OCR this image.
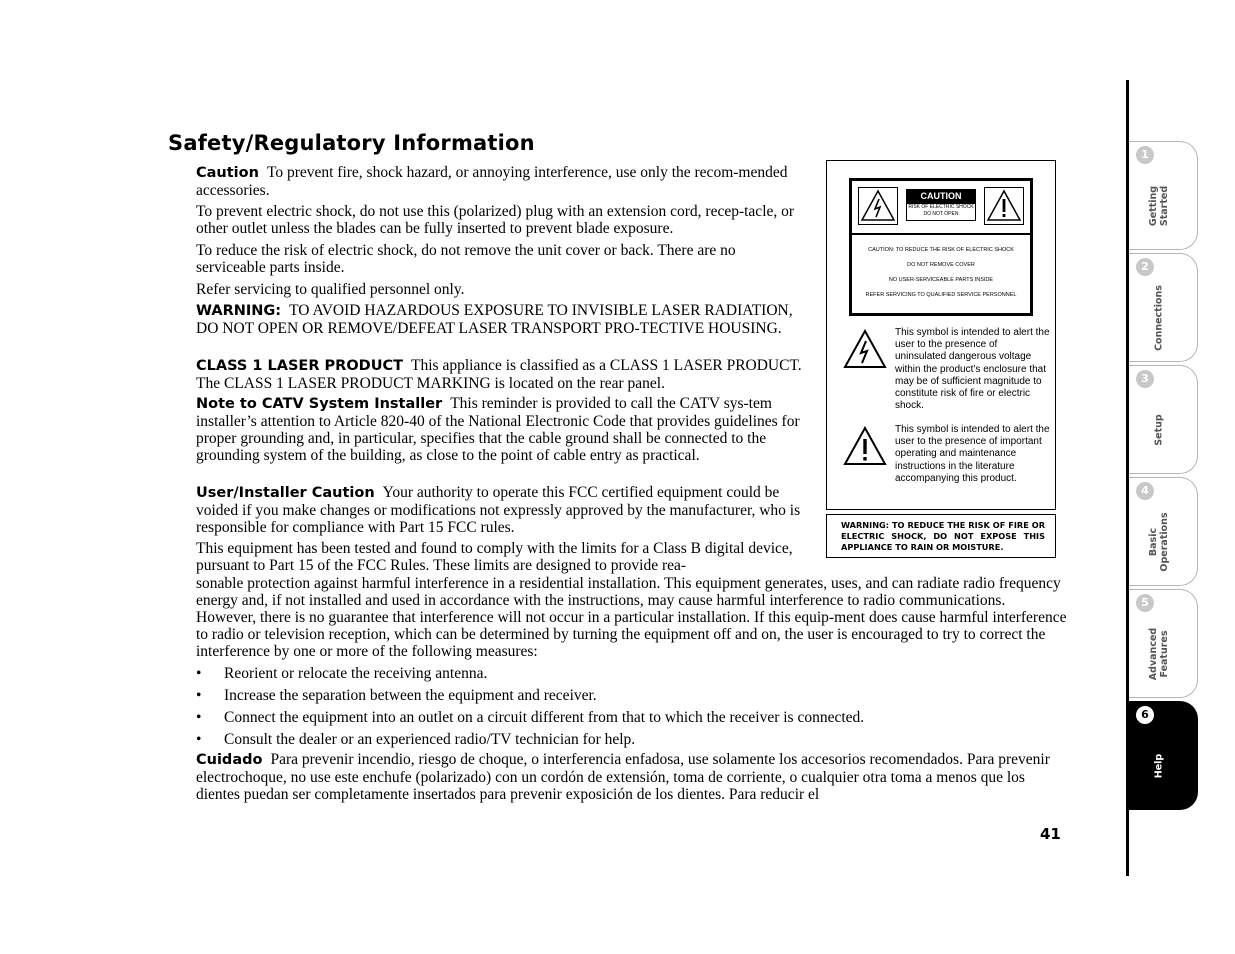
Safety/Regulatory Information
Caution To prevent fire, shock hazard, or annoying interference, use only the recom-mended accessories.
To prevent electric shock, do not use this (polarized) plug with an extension cord, recep-tacle, or other outlet unless the blades can be fully inserted to prevent blade exposure.
To reduce the risk of electric shock, do not remove the unit cover or back. There are no serviceable parts inside.
Refer servicing to qualified personnel only.
WARNING: TO AVOID HAZARDOUS EXPOSURE TO INVISIBLE LASER RADIATION, DO NOT OPEN OR REMOVE/DEFEAT LASER TRANSPORT PRO-TECTIVE HOUSING.
CLASS 1 LASER PRODUCT This appliance is classified as a CLASS 1 LASER PRODUCT. The CLASS 1 LASER PRODUCT MARKING is located on the rear panel.
Note to CATV System Installer This reminder is provided to call the CATV sys-tem installer’s attention to Article 820-40 of the National Electronic Code that provides guidelines for proper grounding and, in particular, specifies that the cable ground shall be connected to the grounding system of the building, as close to the point of cable entry as practical.
User/Installer Caution Your authority to operate this FCC certified equipment could be voided if you make changes or modifications not expressly approved by the manufacturer, who is responsible for compliance with Part 15 FCC rules.
This equipment has been tested and found to comply with the limits for a Class B digital device, pursuant to Part 15 of the FCC Rules. These limits are designed to provide rea-
sonable protection against harmful interference in a residential installation. This equipment generates, uses, and can radiate radio frequency energy and, if not installed and used in accordance with the instructions, may cause harmful interference to radio communications. However, there is no guarantee that interference will not occur in a particular installation. If this equip-ment does cause harmful interference to radio or television reception, which can be determined by turning the equipment off and on, the user is encouraged to try to correct the interference by one or more of the following measures:
• Reorient or relocate the receiving antenna.
• Increase the separation between the equipment and receiver.
• Connect the equipment into an outlet on a circuit different from that to which the receiver is connected.
• Consult the dealer or an experienced radio/TV technician for help.
Cuidado Para prevenir incendio, riesgo de choque, o interferencia enfadosa, use solamente los accesorios recomendados. Para prevenir electrochoque, no use este enchufe (polarizado) con un cordón de extensión, toma de corriente, o cualquier otra toma a menos que los dientes puedan ser completamente insertados para prevenir exposición de los dientes. Para reducir el
CAUTION
RISK OF ELECTRIC SHOCK DO NOT OPEN
CAUTION: TO REDUCE THE RISK OF ELECTRIC SHOCK
DO NOT REMOVE COVER
NO USER-SERVICEABLE PARTS INSIDE
REFER SERVICING TO QUALIFIED SERVICE PERSONNEL
This symbol is intended to alert the user to the presence of uninsulated dangerous voltage within the product’s enclosure that may be of sufficient magnitude to constitute risk of fire or electric shock.
This symbol is intended to alert the user to the presence of important operating and maintenance instructions in the literature accompanying this product.
WARNING: TO REDUCE THE RISK OF FIRE OR ELECTRIC SHOCK, DO NOT EXPOSE THIS APPLIANCE TO RAIN OR MOISTURE.
1
Getting
Started
2
Connections
3
Setup
4
Basic
Operations
5
Advanced
Features
6
Help
41
